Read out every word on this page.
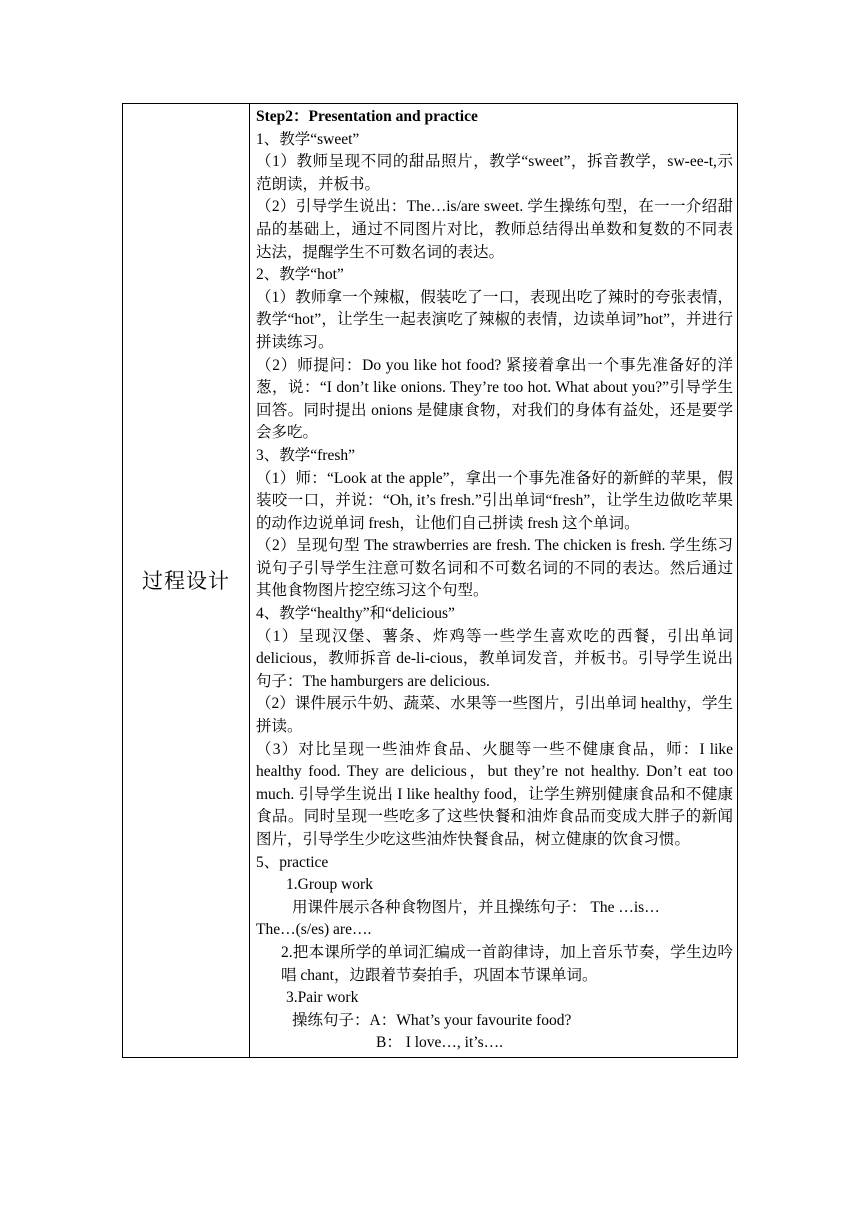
过程设计	

Step2：Presentation and practice

1、教学“sweet”

（1）教师呈现不同的甜品照片，教学“sweet”，拆音教学，sw-ee-t,示范朗读，并板书。

（2）引导学生说出：The…is/are sweet. 学生操练句型，在一一介绍甜品的基础上，通过不同图片对比，教师总结得出单数和复数的不同表达法，提醒学生不可数名词的表达。

2、教学“hot”

（1）教师拿一个辣椒，假装吃了一口，表现出吃了辣时的夸张表情，教学“hot”，让学生一起表演吃了辣椒的表情，边读单词”hot”，并进行拼读练习。

（2）师提问：Do you like hot food? 紧接着拿出一个事先准备好的洋葱，说：“I don’t like onions. They’re too hot. What about you?”引导学生回答。同时提出 onions 是健康食物，对我们的身体有益处，还是要学会多吃。

3、教学“fresh”

（1）师：“Look at the apple”，拿出一个事先准备好的新鲜的苹果，假装咬一口，并说：“Oh, it’s fresh.”引出单词“fresh”，让学生边做吃苹果的动作边说单词 fresh，让他们自己拼读 fresh 这个单词。

（2）呈现句型 The strawberries are fresh. The chicken is fresh. 学生练习说句子引导学生注意可数名词和不可数名词的不同的表达。然后通过其他食物图片挖空练习这个句型。

4、教学“healthy”和“delicious”

（1）呈现汉堡、薯条、炸鸡等一些学生喜欢吃的西餐，引出单词 delicious，教师拆音 de-li-cious，教单词发音，并板书。引导学生说出句子：The hamburgers are delicious.

（2）课件展示牛奶、蔬菜、水果等一些图片，引出单词 healthy，学生拼读。

（3）对比呈现一些油炸食品、火腿等一些不健康食品，师：I like healthy food. They are delicious，but they’re not healthy. Don’t eat too much. 引导学生说出 I like healthy food，让学生辨别健康食品和不健康食品。同时呈现一些吃多了这些快餐和油炸食品而变成大胖子的新闻图片，引导学生少吃这些油炸快餐食品，树立健康的饮食习惯。

5、practice

1.Group work

用课件展示各种食物图片，并且操练句子： The …is…

The…(s/es) are….

2.把本课所学的单词汇编成一首韵律诗，加上音乐节奏，学生边吟唱 chant，边跟着节奏拍手，巩固本节课单词。

3.Pair work

操练句子：A：What’s your favourite food?

B： I love…, it’s….
